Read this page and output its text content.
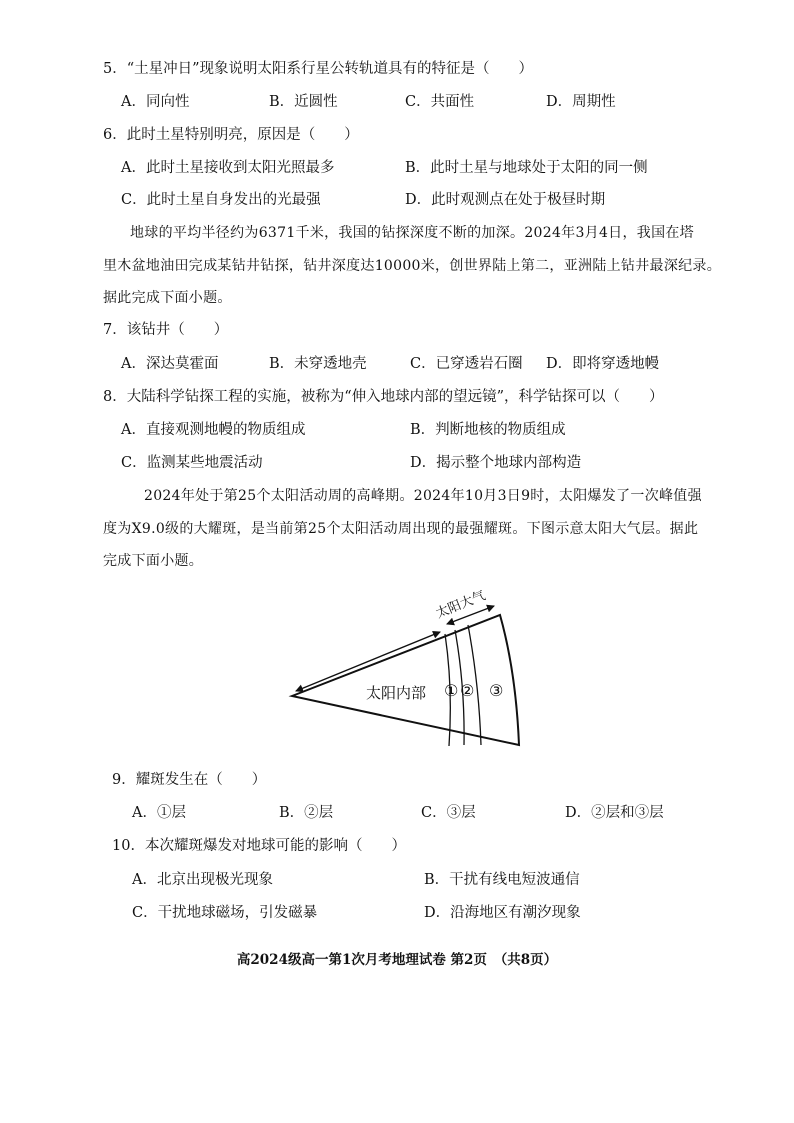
5．“土星冲日”现象说明太阳系行星公转轨道具有的特征是（　　）
A．同向性	B．近圆性	C．共面性	D．周期性
6．此时土星特别明亮，原因是（　　）
A．此时土星接收到太阳光照最多	B．此时土星与地球处于太阳的同一侧
C．此时土星自身发出的光最强	D．此时观测点在处于极昼时期
地球的平均半径约为6371千米，我国的钻探深度不断的加深。2024年3月4日，我国在塔
里木盆地油田完成某钻井钻探，钻井深度达10000米，创世界陆上第二，亚洲陆上钻井最深纪录。
据此完成下面小题。
7．该钻井（　　）
A．深达莫霍面	B．未穿透地壳	C．已穿透岩石圈 D．即将穿透地幔
8．大陆科学钻探工程的实施，被称为“伸入地球内部的望远镜”，科学钻探可以（　　）
A．直接观测地幔的物质组成	B．判断地核的物质组成
C．监测某些地震活动	D．揭示整个地球内部构造
2024年处于第25个太阳活动周的高峰期。2024年10月3日9时，太阳爆发了一次峰值强
度为X9.0级的大耀斑，是当前第25个太阳活动周出现的最强耀斑。下图示意太阳大气层。据此
完成下面小题。
太阳大气
太阳内部 ① ② ③
9．耀斑发生在（　　）
A．①层	B．②层	C．③层	D．②层和③层
10．本次耀斑爆发对地球可能的影响（　　）
A．北京出现极光现象	B．干扰有线电短波通信
C．干扰地球磁场，引发磁暴	D．沿海地区有潮汐现象
高2024级高一第1次月考地理试卷 第2页　（共8页）
